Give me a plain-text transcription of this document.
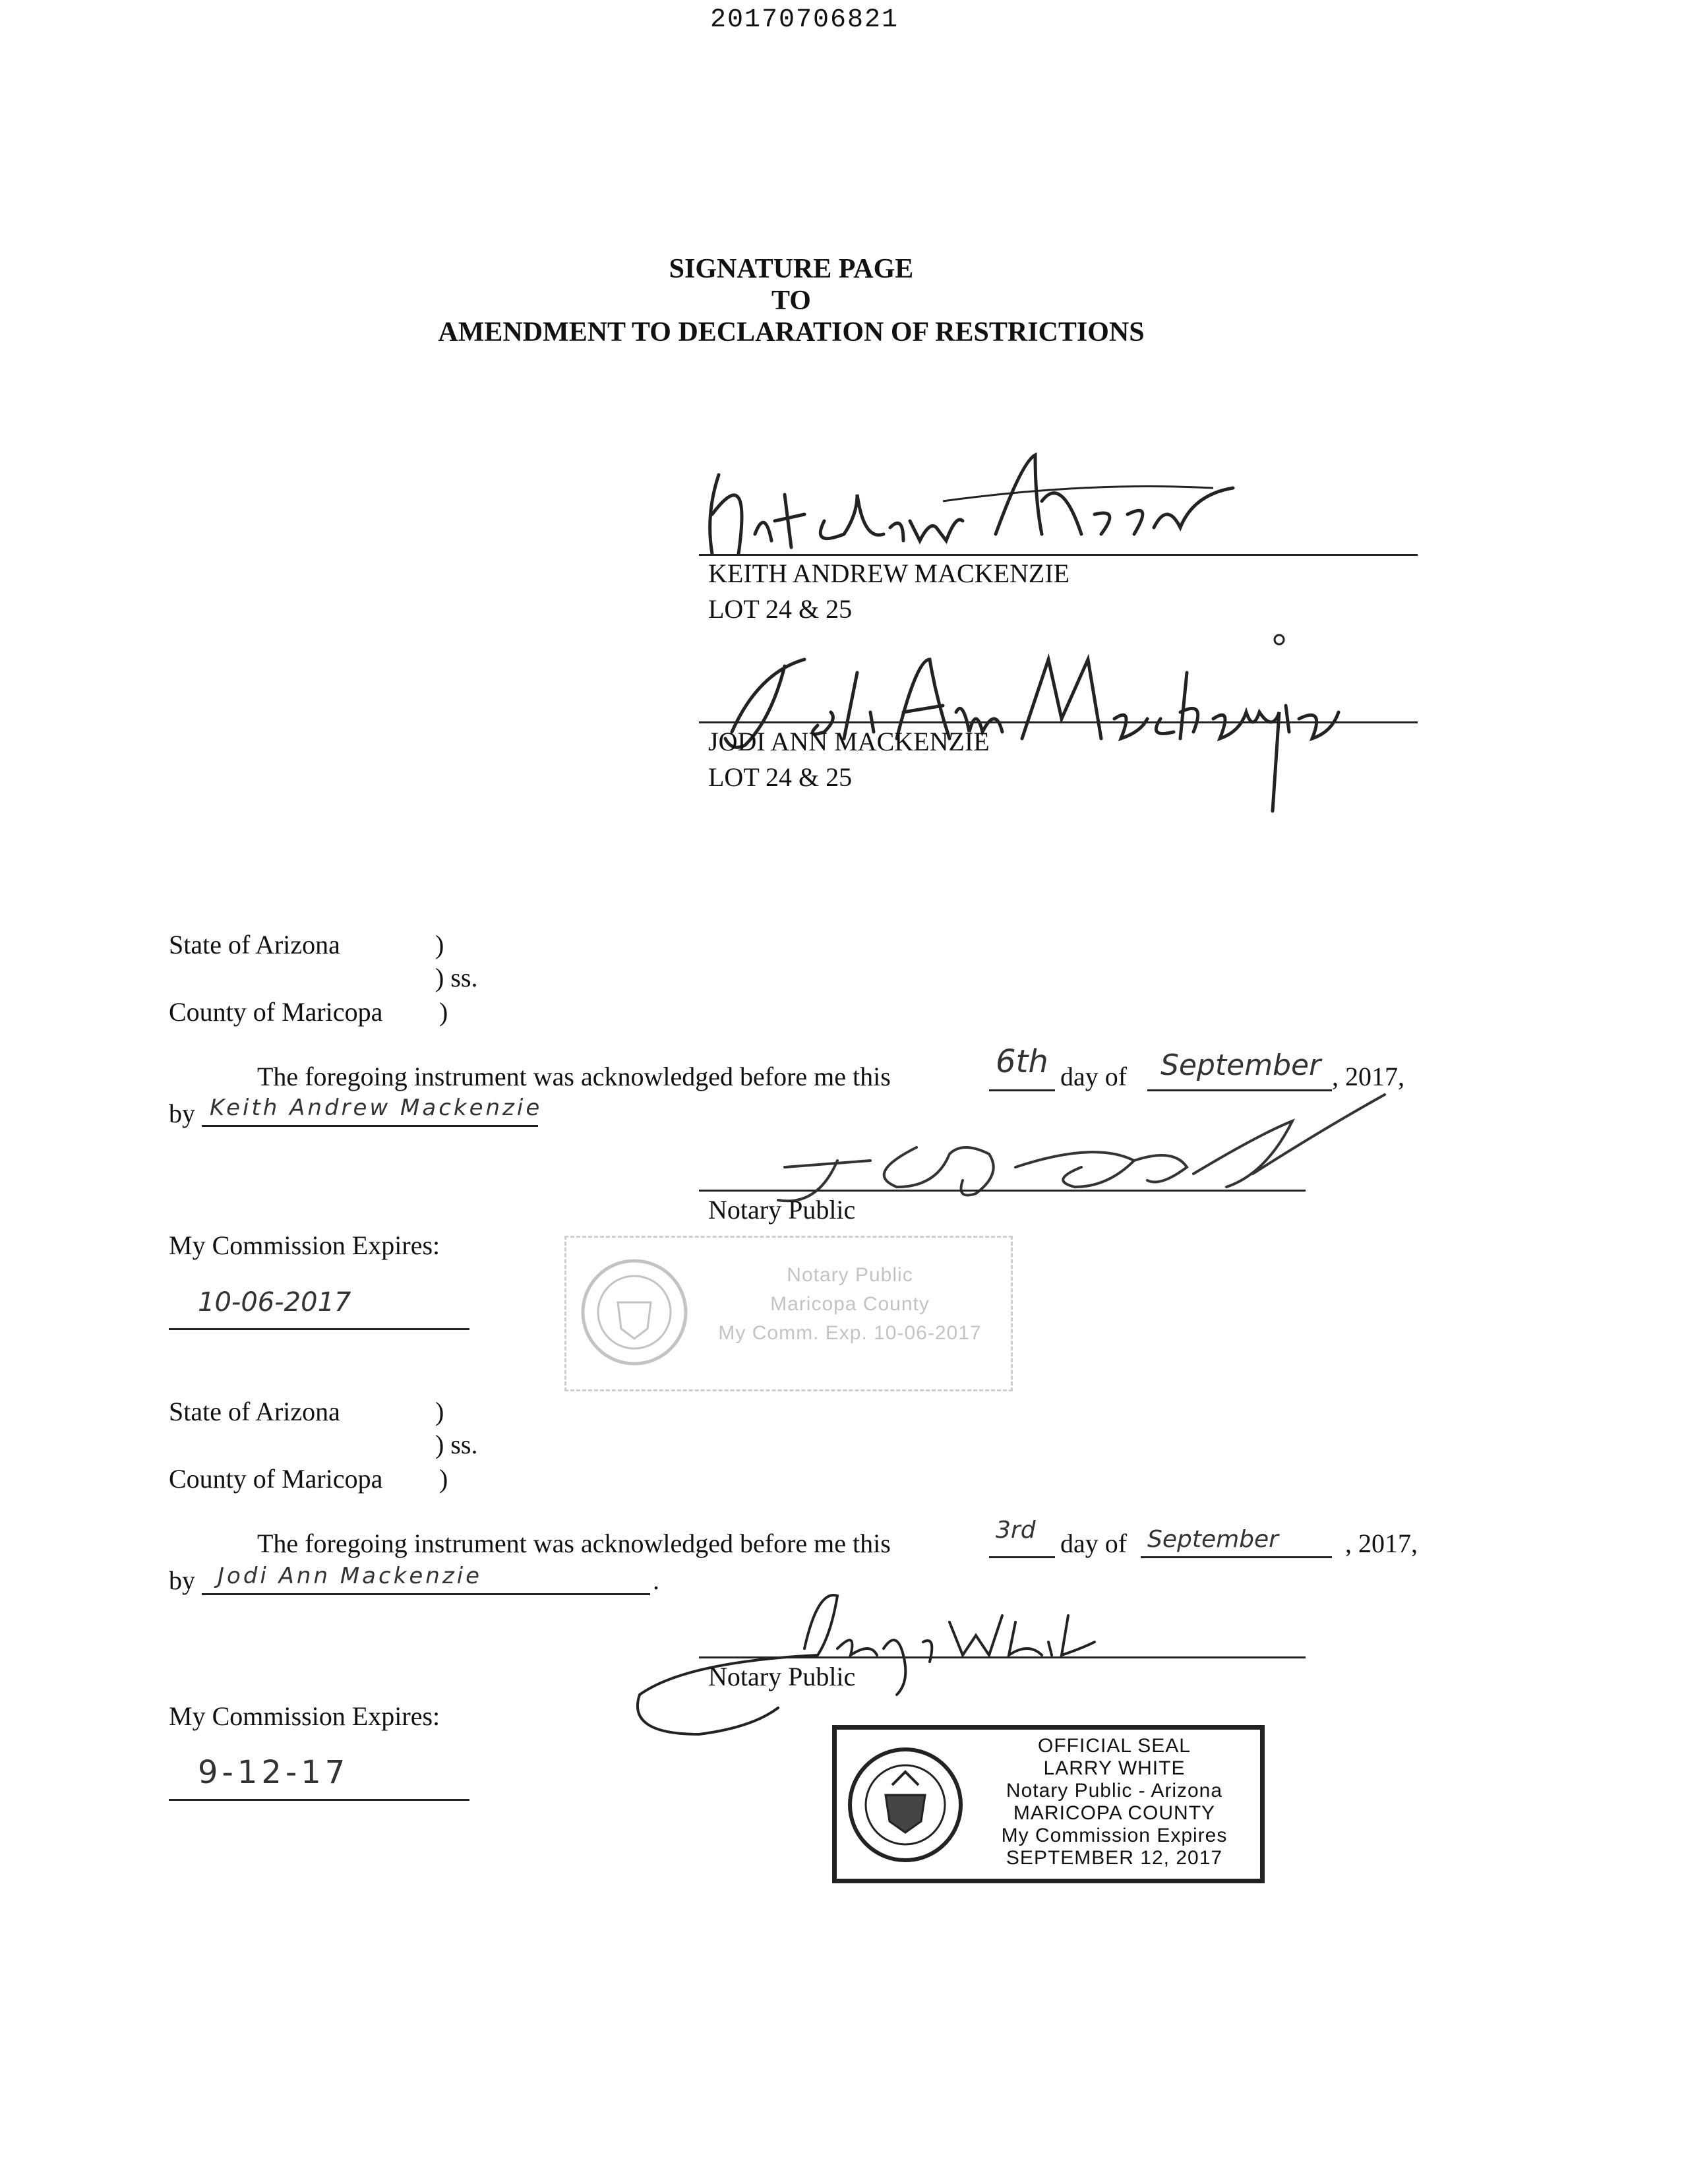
20170706821
SIGNATURE PAGE
TO
AMENDMENT TO DECLARATION OF RESTRICTIONS
KEITH ANDREW MACKENZIE
LOT 24 & 25
JODI ANN MACKENZIE
LOT 24 & 25
State of Arizona	)
) ss.
County of Maricopa )
The foregoing instrument was acknowledged before me this	6th day of September , 2017,
by Keith Andrew Mackenzie
Notary Public
My Commission Expires:
10-06-2017
Notary Public
Maricopa County
My Comm. Exp. 10-06-2017
State of Arizona	)
) ss.
County of Maricopa )
The foregoing instrument was acknowledged before me this	3rd day of September	, 2017,
by Jodi Ann Mackenzie	.
Notary Public
My Commission Expires:
9-12-17
OFFICIAL SEAL
LARRY WHITE
Notary Public - Arizona
MARICOPA COUNTY
My Commission Expires
SEPTEMBER 12, 2017
